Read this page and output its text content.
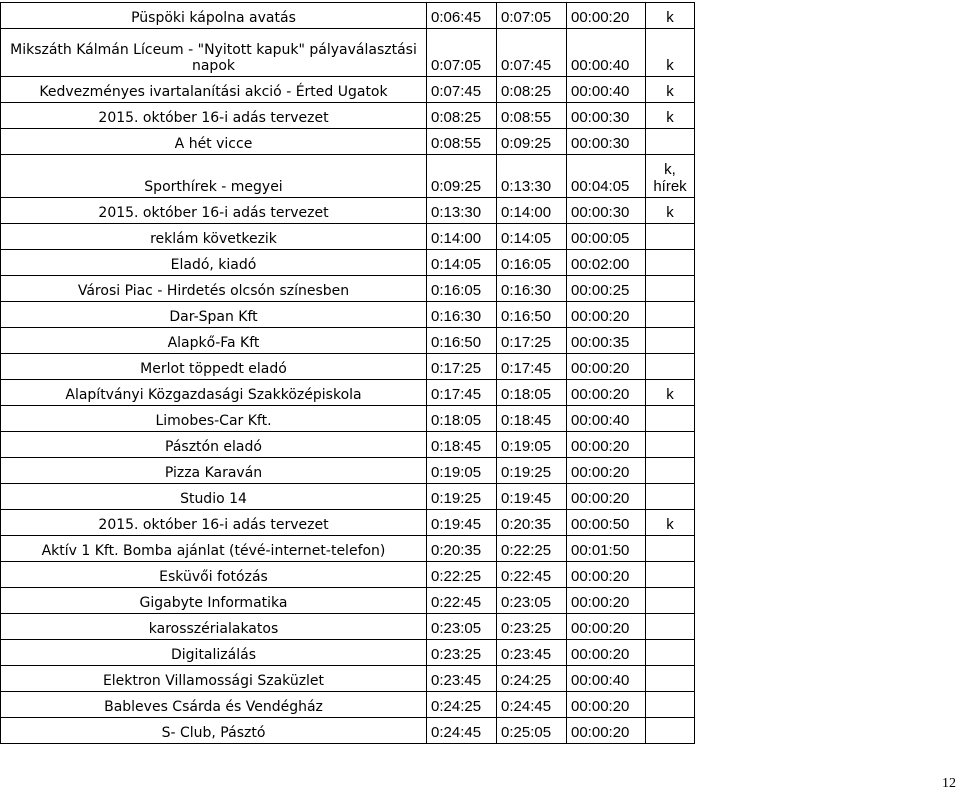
Püspöki kápolna avatás	0:06:45	0:07:05	00:00:20	k

Mikszáth Kálmán Líceum - "Nyitott kapuk" pályaválasztási napok	0:07:05	0:07:45	00:00:40	k

Kedvezményes ivartalanítási akció - Érted Ugatok	0:07:45	0:08:25	00:00:40	k

2015. október 16-i adás tervezet	0:08:25	0:08:55	00:00:30	k

A hét vicce	0:08:55	0:09:25	00:00:30	

Sporthírek - megyei	0:09:25	0:13:30	00:04:05	k, hírek

2015. október 16-i adás tervezet	0:13:30	0:14:00	00:00:30	k

reklám következik	0:14:00	0:14:05	00:00:05	

Eladó, kiadó	0:14:05	0:16:05	00:02:00	

Városi Piac - Hirdetés olcsón színesben	0:16:05	0:16:30	00:00:25	

Dar-Span Kft	0:16:30	0:16:50	00:00:20	

Alapkő-Fa Kft	0:16:50	0:17:25	00:00:35	

Merlot töppedt eladó	0:17:25	0:17:45	00:00:20	

Alapítványi Közgazdasági Szakközépiskola	0:17:45	0:18:05	00:00:20	k

Limobes-Car Kft.	0:18:05	0:18:45	00:00:40	

Pásztón eladó	0:18:45	0:19:05	00:00:20	

Pizza Karaván	0:19:05	0:19:25	00:00:20	

Studio 14	0:19:25	0:19:45	00:00:20	

2015. október 16-i adás tervezet	0:19:45	0:20:35	00:00:50	k

Aktív 1 Kft. Bomba ajánlat (tévé-internet-telefon)	0:20:35	0:22:25	00:01:50	

Esküvői fotózás	0:22:25	0:22:45	00:00:20	

Gigabyte Informatika	0:22:45	0:23:05	00:00:20	

karosszérialakatos	0:23:05	0:23:25	00:00:20	

Digitalizálás	0:23:25	0:23:45	00:00:20	

Elektron Villamossági Szaküzlet	0:23:45	0:24:25	00:00:40	

Bableves Csárda és Vendégház	0:24:25	0:24:45	00:00:20	

S- Club, Pásztó	0:24:45	0:25:05	00:00:20	

12
